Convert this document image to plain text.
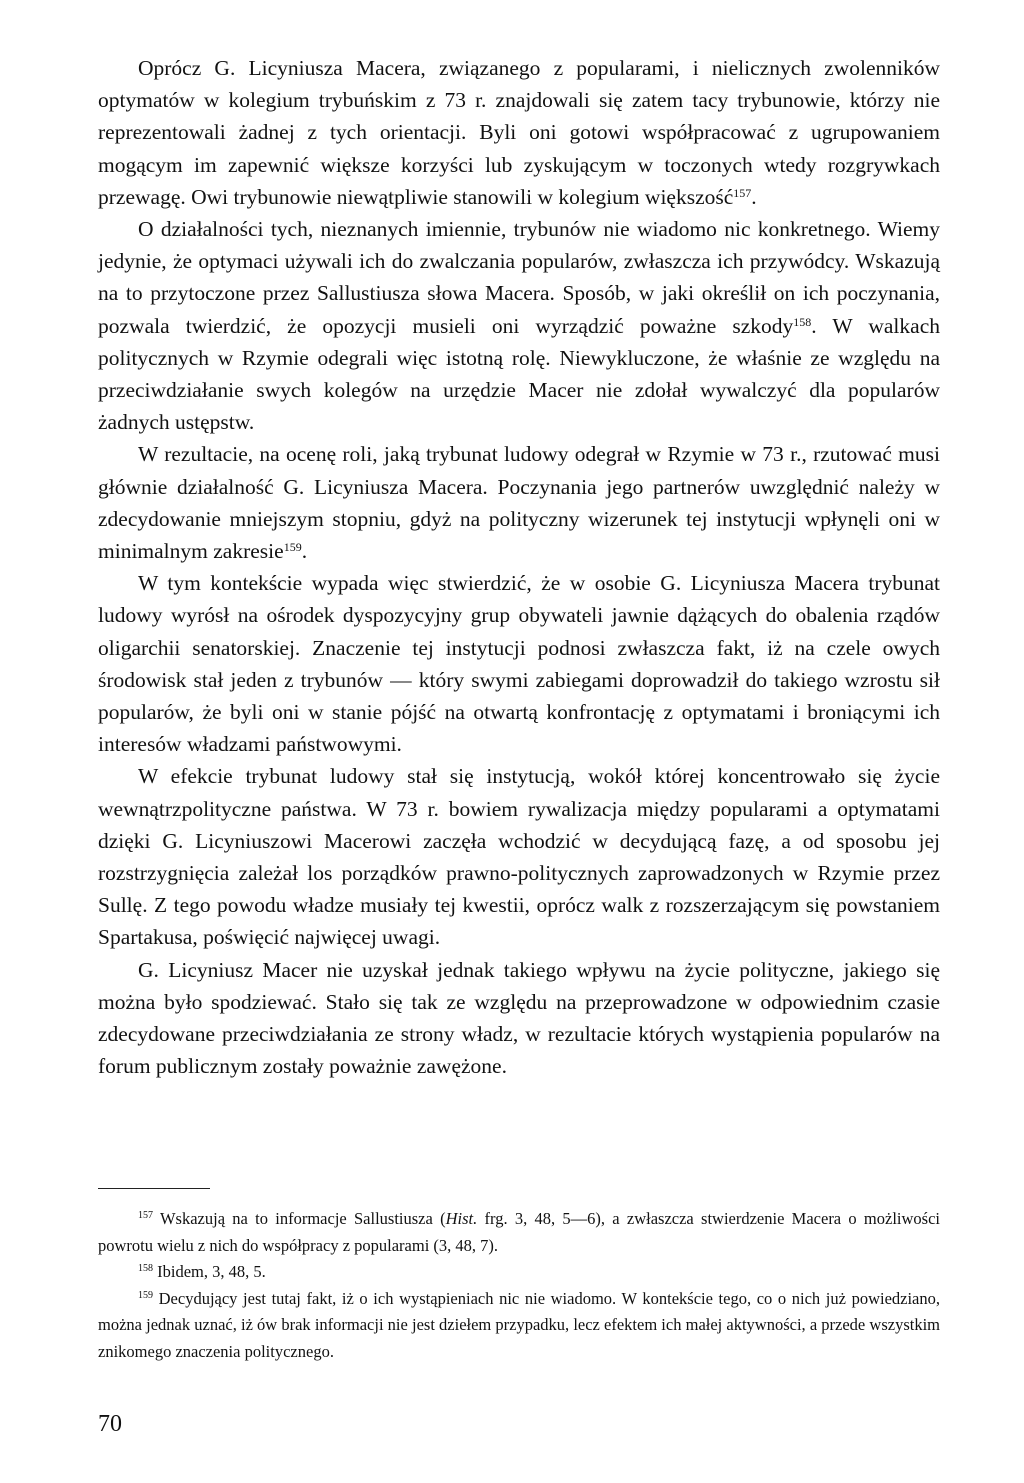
Oprócz G. Licyniusza Macera, związanego z popularami, i nielicznych zwolenników optymatów w kolegium trybuńskim z 73 r. znajdowali się zatem tacy trybunowie, którzy nie reprezentowali żadnej z tych orientacji. Byli oni gotowi współpracować z ugrupowaniem mogącym im zapewnić większe korzyści lub zyskującym w toczonych wtedy rozgrywkach przewagę. Owi trybunowie niewątpliwie stanowili w kolegium większość$^{157}$.

O działalności tych, nieznanych imiennie, trybunów nie wiadomo nic konkretnego. Wiemy jedynie, że optymaci używali ich do zwalczania popularów, zwłaszcza ich przywódcy. Wskazują na to przytoczone przez Sallustiusza słowa Macera. Sposób, w jaki określił on ich poczynania, pozwala twierdzić, że opozycji musieli oni wyrządzić poważne szkody$^{158}$. W walkach politycznych w Rzymie odegrali więc istotną rolę. Niewykluczone, że właśnie ze względu na przeciwdziałanie swych kolegów na urzędzie Macer nie zdołał wywalczyć dla popularów żadnych ustępstw.

W rezultacie, na ocenę roli, jaką trybunat ludowy odegrał w Rzymie w 73 r., rzutować musi głównie działalność G. Licyniusza Macera. Poczynania jego partnerów uwzględnić należy w zdecydowanie mniejszym stopniu, gdyż na polityczny wizerunek tej instytucji wpłynęli oni w minimalnym zakresie$^{159}$.

W tym kontekście wypada więc stwierdzić, że w osobie G. Licyniusza Macera trybunat ludowy wyrósł na ośrodek dyspozycyjny grup obywateli jawnie dążących do obalenia rządów oligarchii senatorskiej. Znaczenie tej instytucji podnosi zwłaszcza fakt, iż na czele owych środowisk stał jeden z trybunów — który swymi zabiegami doprowadził do takiego wzrostu sił popularów, że byli oni w stanie pójść na otwartą konfrontację z optymatami i broniącymi ich interesów władzami państwowymi.

W efekcie trybunat ludowy stał się instytucją, wokół której koncentrowało się życie wewnątrzpolityczne państwa. W 73 r. bowiem rywalizacja między popularami a optymatami dzięki G. Licyniuszowi Macerowi zaczęła wchodzić w decydującą fazę, a od sposobu jej rozstrzygnięcia zależał los porządków prawno-politycznych zaprowadzonych w Rzymie przez Sullę. Z tego powodu władze musiały tej kwestii, oprócz walk z rozszerzającym się powstaniem Spartakusa, poświęcić najwięcej uwagi.

G. Licyniusz Macer nie uzyskał jednak takiego wpływu na życie polityczne, jakiego się można było spodziewać. Stało się tak ze względu na przeprowadzone w odpowiednim czasie zdecydowane przeciwdziałania ze strony władz, w rezultacie których wystąpienia popularów na forum publicznym zostały poważnie zawężone.

$^{157}$ Wskazują na to informacje Sallustiusza (Hist. frg. 3, 48, 5—6), a zwłaszcza stwierdzenie Macera o możliwości powrotu wielu z nich do współpracy z popularami (3, 48, 7).

$^{158}$ Ibidem, 3, 48, 5.

$^{159}$ Decydujący jest tutaj fakt, iż o ich wystąpieniach nic nie wiadomo. W kontekście tego, co o nich już powiedziano, można jednak uznać, iż ów brak informacji nie jest dziełem przypadku, lecz efektem ich małej aktywności, a przede wszystkim znikomego znaczenia politycznego.

70
